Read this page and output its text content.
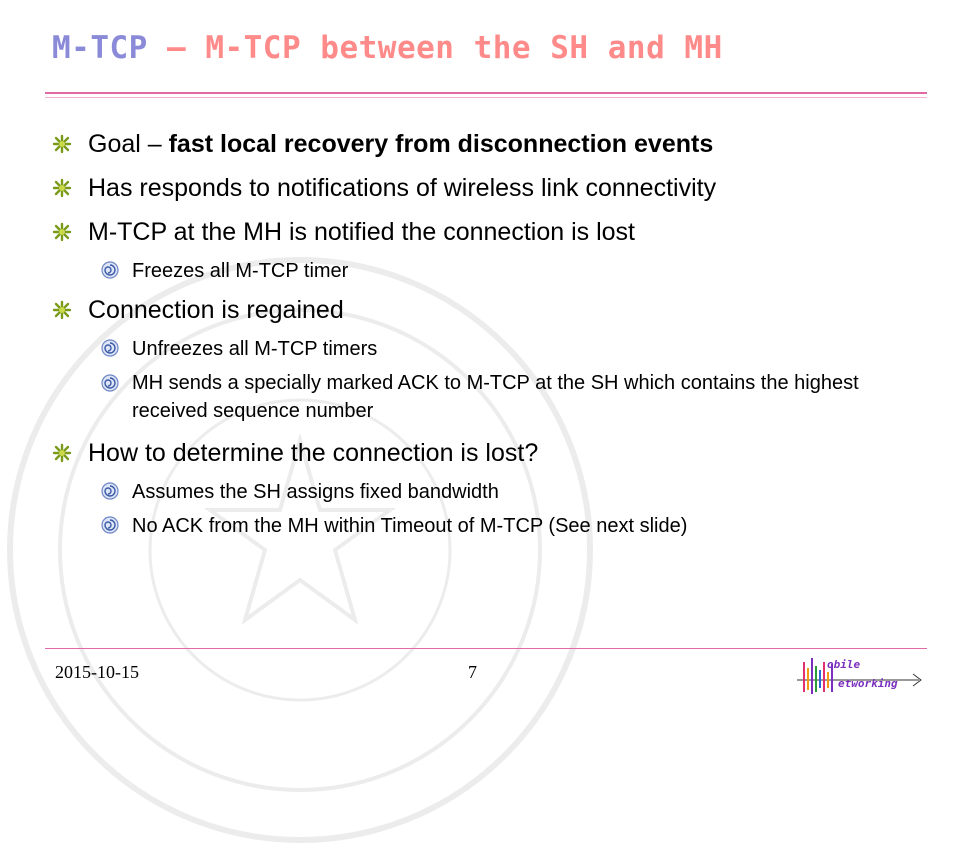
M-TCP – M-TCP between the SH and MH
Goal – fast local recovery from disconnection events
Has responds to notifications of wireless link connectivity
M-TCP at the MH is notified the connection is lost
Freezes all M-TCP timer
Connection is regained
Unfreezes all M-TCP timers
MH sends a specially marked ACK to M-TCP at the SH which contains the highest received sequence number
How to determine the connection is lost?
Assumes the SH assigns fixed bandwidth
No ACK from the MH within Timeout of M-TCP (See next slide)
2015-10-15	7	obile
etworking
